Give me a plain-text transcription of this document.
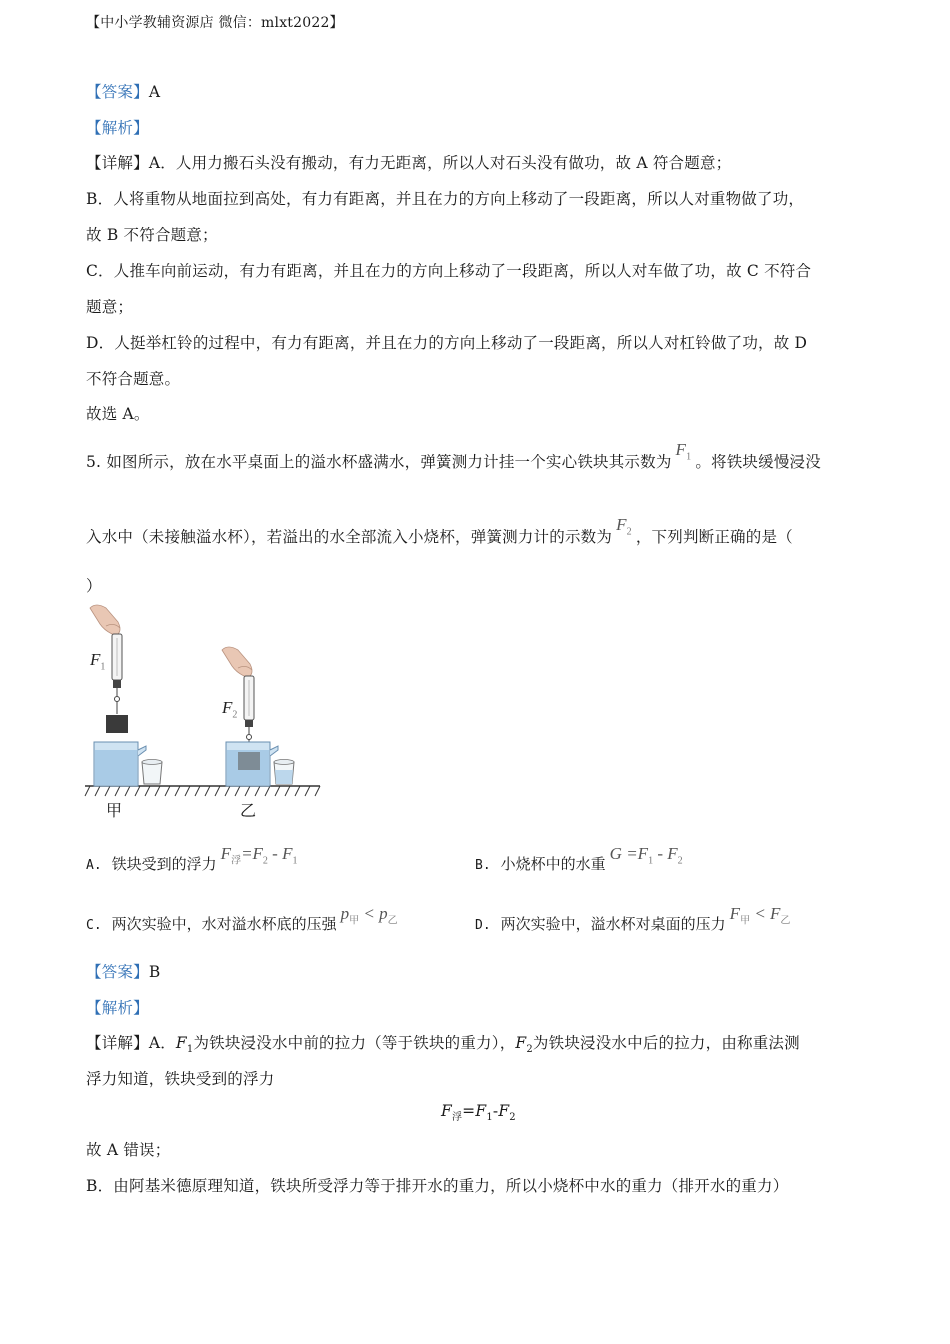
【中小学教辅资源店 微信：mlxt2022】
【答案】A
【解析】
【详解】A．人用力搬石头没有搬动，有力无距离，所以人对石头没有做功，故 A 符合题意；
B．人将重物从地面拉到高处，有力有距离，并且在力的方向上移动了一段距离，所以人对重物做了功，
故 B 不符合题意；
C．人推车向前运动，有力有距离，并且在力的方向上移动了一段距离，所以人对车做了功，故 C 不符合
题意；
D．人挺举杠铃的过程中，有力有距离，并且在力的方向上移动了一段距离，所以人对杠铃做了功，故 D
不符合题意。
故选 A。
5. 如图所示，放在水平桌面上的溢水杯盛满水，弹簧测力计挂一个实心铁块其示数为$F_1$ 。将铁块缓慢浸没
入水中（未接触溢水杯），若溢出的水全部流入小烧杯，弹簧测力计的示数为$F_2$ ，下列判断正确的是（
）
$F_1$
$F_2$
甲	乙
A. 铁块受到的浮力$F_浮=F_2 - F_1$	B. 小烧杯中的水重$G =F_1 - F_2$
C. 两次实验中，水对溢水杯底的压强$p_甲 < p_乙$	D. 两次实验中，溢水杯对桌面的压力$F_甲 < F_乙$
【答案】B
【解析】
【详解】A．$F_1$为铁块浸没水中前的拉力（等于铁块的重力），$F_2$为铁块浸没水中后的拉力，由称重法测
浮力知道，铁块受到的浮力
$F_浮=F_1-F_2$
故 A 错误；
B．由阿基米德原理知道，铁块所受浮力等于排开水的重力，所以小烧杯中水的重力（排开水的重力）
